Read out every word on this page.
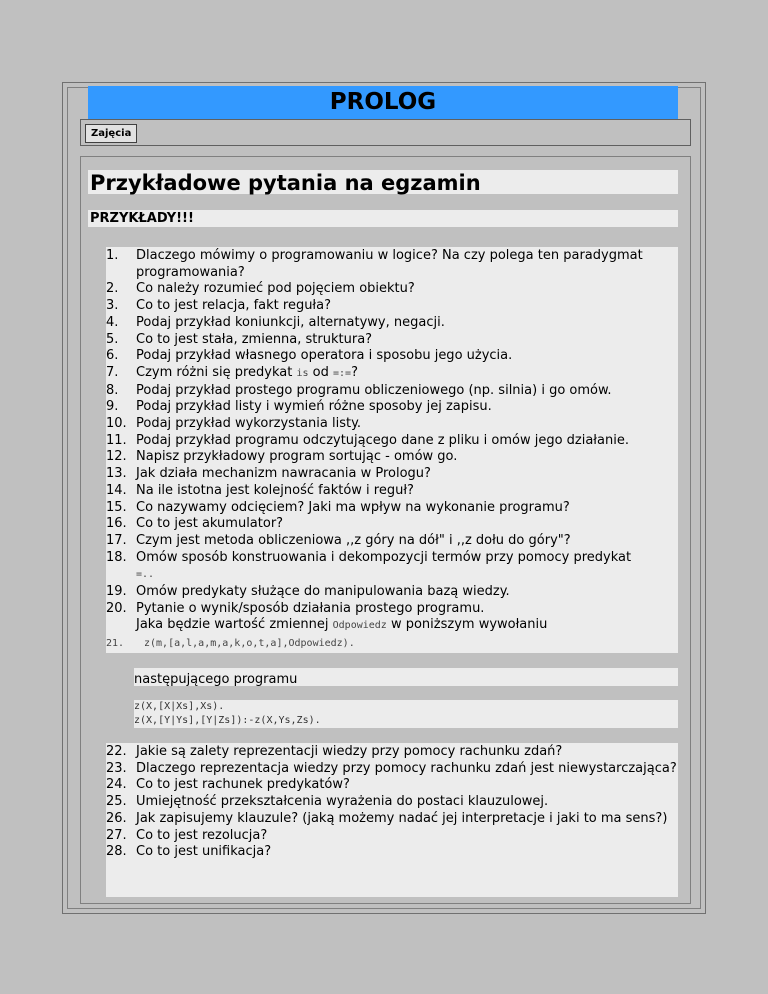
PROLOG
Zajęcia
Przykładowe pytania na egzamin
PRZYKŁADY!!!
1.	Dlaczego mówimy o programowaniu w logice? Na czy polega ten paradygmat programowania?
2.	Co należy rozumieć pod pojęciem obiektu?
3.	Co to jest relacja, fakt reguła?
4.	Podaj przykład koniunkcji, alternatywy, negacji.
5.	Co to jest stała, zmienna, struktura?
6.	Podaj przykład własnego operatora i sposobu jego użycia.
7.	Czym różni się predykat is od =:=?
8.	Podaj przykład prostego programu obliczeniowego (np. silnia) i go omów.
9.	Podaj przykład listy i wymień różne sposoby jej zapisu.
10. Podaj przykład wykorzystania listy.
11. Podaj przykład programu odczytującego dane z pliku i omów jego działanie.
12. Napisz przykładowy program sortując - omów go.
13. Jak działa mechanizm nawracania w Prologu?
14. Na ile istotna jest kolejność faktów i reguł?
15. Co nazywamy odcięciem? Jaki ma wpływ na wykonanie programu?
16. Co to jest akumulator?
17. Czym jest metoda obliczeniowa ,,z góry na dół" i ,,z dołu do góry"?
18. Omów sposób konstruowania i dekompozycji termów przy pomocy predykat
=..
19. Omów predykaty służące do manipulowania bazą wiedzy.
20. Pytanie o wynik/sposób działania prostego programu.
Jaka będzie wartość zmiennej Odpowiedz w poniższym wywołaniu
21. z(m,[a,l,a,m,a,k,o,t,a],Odpowiedz).
następującego programu
z(X,[X|Xs],Xs).
z(X,[Y|Ys],[Y|Zs]):-z(X,Ys,Zs).
22. Jakie są zalety reprezentacji wiedzy przy pomocy rachunku zdań?
23. Dlaczego reprezentacja wiedzy przy pomocy rachunku zdań jest niewystarczająca?
24. Co to jest rachunek predykatów?
25. Umiejętność przekształcenia wyrażenia do postaci klauzulowej.
26. Jak zapisujemy klauzule? (jaką możemy nadać jej interpretacje i jaki to ma sens?)
27. Co to jest rezolucja?
28. Co to jest unifikacja?
